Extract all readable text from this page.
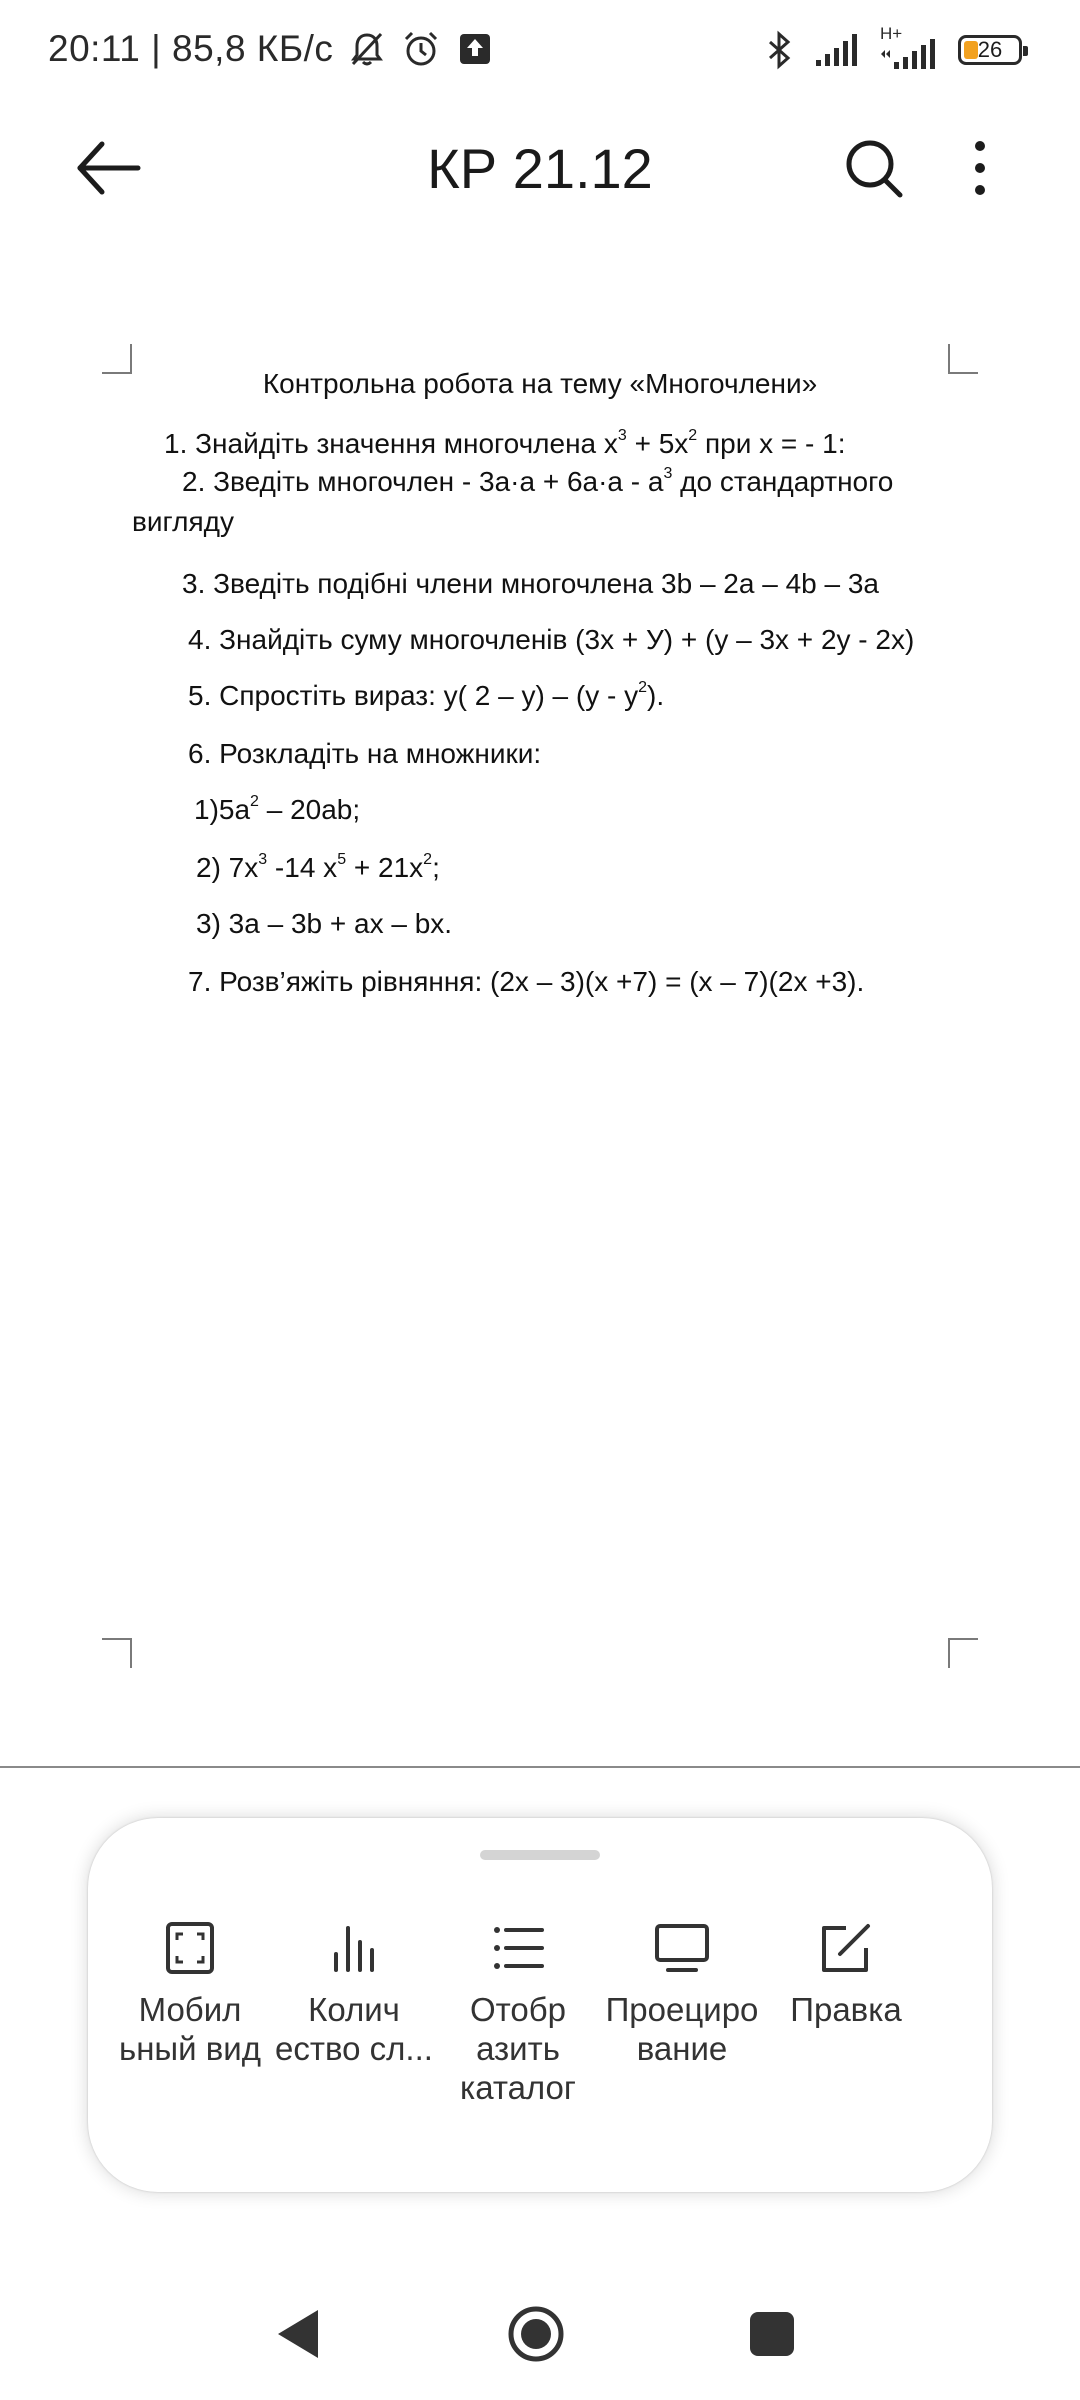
20:11 | 85,8 КБ/с	H+
26
КР 21.12
Контрольна робота на тему «Многочлени»
1. Знайдіть значення многочлена $x^3 + 5x^2$ при х = - 1:
2. Зведіть многочлен - $3а\cdot а + 6а\cdot а - а^3$ до стандартного
вигляду
3. Зведіть подібні члени многочлена 3b – 2a – 4b – 3a
4. Знайдіть суму многочленів (3х + У) + (у – 3х + 2у - 2х)
5. Спростіть вираз: у( $2 - у) - (у - у^2)$.
6. Розкладіть на множники:
$1)5a^2 - 20ab$;
2) $7x^3$ -14 $x^5 + 21x^2$;
3) 3a – 3b + ax – bx.
7. Розв’яжіть рівняння: (2х – 3)(х +7) = (х – 7)(2х +3).
Мобил
ьный вид
Колич
ество сл...
Отобр
азить
каталог
Проециро
вание
Правка
